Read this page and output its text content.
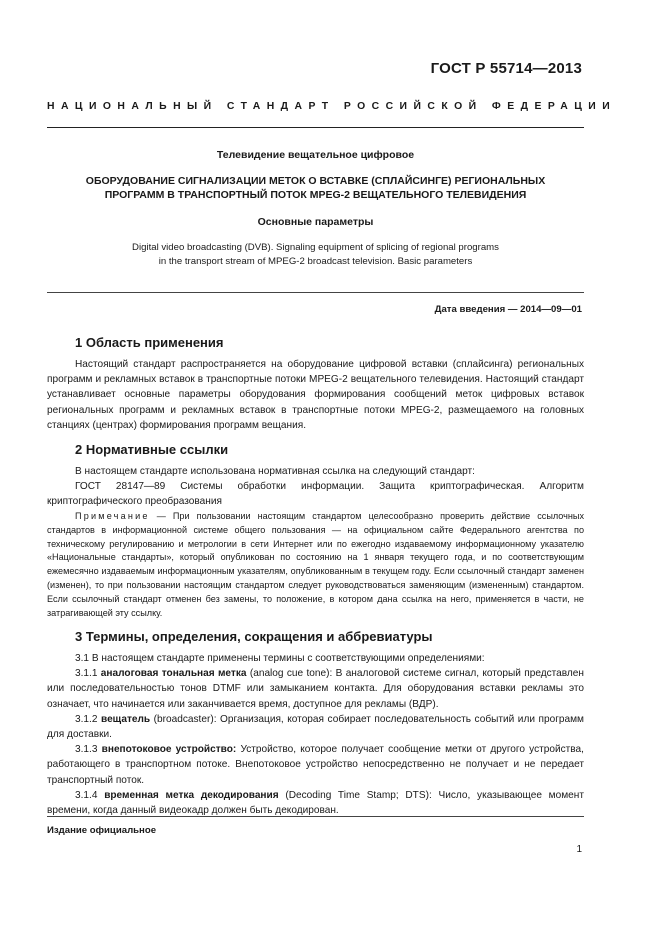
ГОСТ Р 55714—2013
НАЦИОНАЛЬНЫЙ СТАНДАРТ РОССИЙСКОЙ ФЕДЕРАЦИИ
Телевидение вещательное цифровое
ОБОРУДОВАНИЕ СИГНАЛИЗАЦИИ МЕТОК О ВСТАВКЕ (СПЛАЙСИНГЕ) РЕГИОНАЛЬНЫХ
ПРОГРАММ В ТРАНСПОРТНЫЙ ПОТОК MPEG-2 ВЕЩАТЕЛЬНОГО ТЕЛЕВИДЕНИЯ
Основные параметры
Digital video broadcasting (DVB). Signaling equipment of splicing of regional programs
in the transport stream of MPEG-2 broadcast television. Basic parameters
Дата введения — 2014—09—01
1 Область применения

Настоящий стандарт распространяется на оборудование цифровой вставки (сплайсинга) региональных программ и рекламных вставок в транспортные потоки MPEG-2 вещательного телевидения. Настоящий стандарт устанавливает основные параметры оборудования формирования сообщений меток цифровых вставок региональных программ и рекламных вставок в транспортные потоки MPEG-2, размещаемого на головных станциях (центрах) формирования программ вещания.

2 Нормативные ссылки

В настоящем стандарте использована нормативная ссылка на следующий стандарт:

ГОСТ 28147—89 Системы обработки информации. Защита криптографическая. Алгоритм криптографического преобразования

Примечание — При пользовании настоящим стандартом целесообразно проверить действие ссылочных стандартов в информационной системе общего пользования — на официальном сайте Федерального агентства по техническому регулированию и метрологии в сети Интернет или по ежегодно издаваемому информационному указателю «Национальные стандарты», который опубликован по состоянию на 1 января текущего года, и по соответствующим ежемесячно издаваемым информационным указателям, опубликованным в текущем году. Если ссылочный стандарт заменен (изменен), то при пользовании настоящим стандартом следует руководствоваться заменяющим (измененным) стандартом. Если ссылочный стандарт отменен без замены, то положение, в котором дана ссылка на него, применяется в части, не затрагивающей эту ссылку.

3 Термины, определения, сокращения и аббревиатуры

3.1 В настоящем стандарте применены термины с соответствующими определениями:

3.1.1 аналоговая тональная метка (analog cue tone): В аналоговой системе сигнал, который представлен или последовательностью тонов DTMF или замыканием контакта. Для оборудования вставки рекламы это означает, что начинается или заканчивается время, доступное для рекламы (ВДР).

3.1.2 вещатель (broadcaster): Организация, которая собирает последовательность событий или программ для доставки.

3.1.3 внепотоковое устройство: Устройство, которое получает сообщение метки от другого устройства, работающего в транспортном потоке. Внепотоковое устройство непосредственно не получает и не передает транспортный поток.

3.1.4 временная метка декодирования (Decoding Time Stamp; DTS): Число, указывающее момент времени, когда данный видеокадр должен быть декодирован.

Издание официальное
1
